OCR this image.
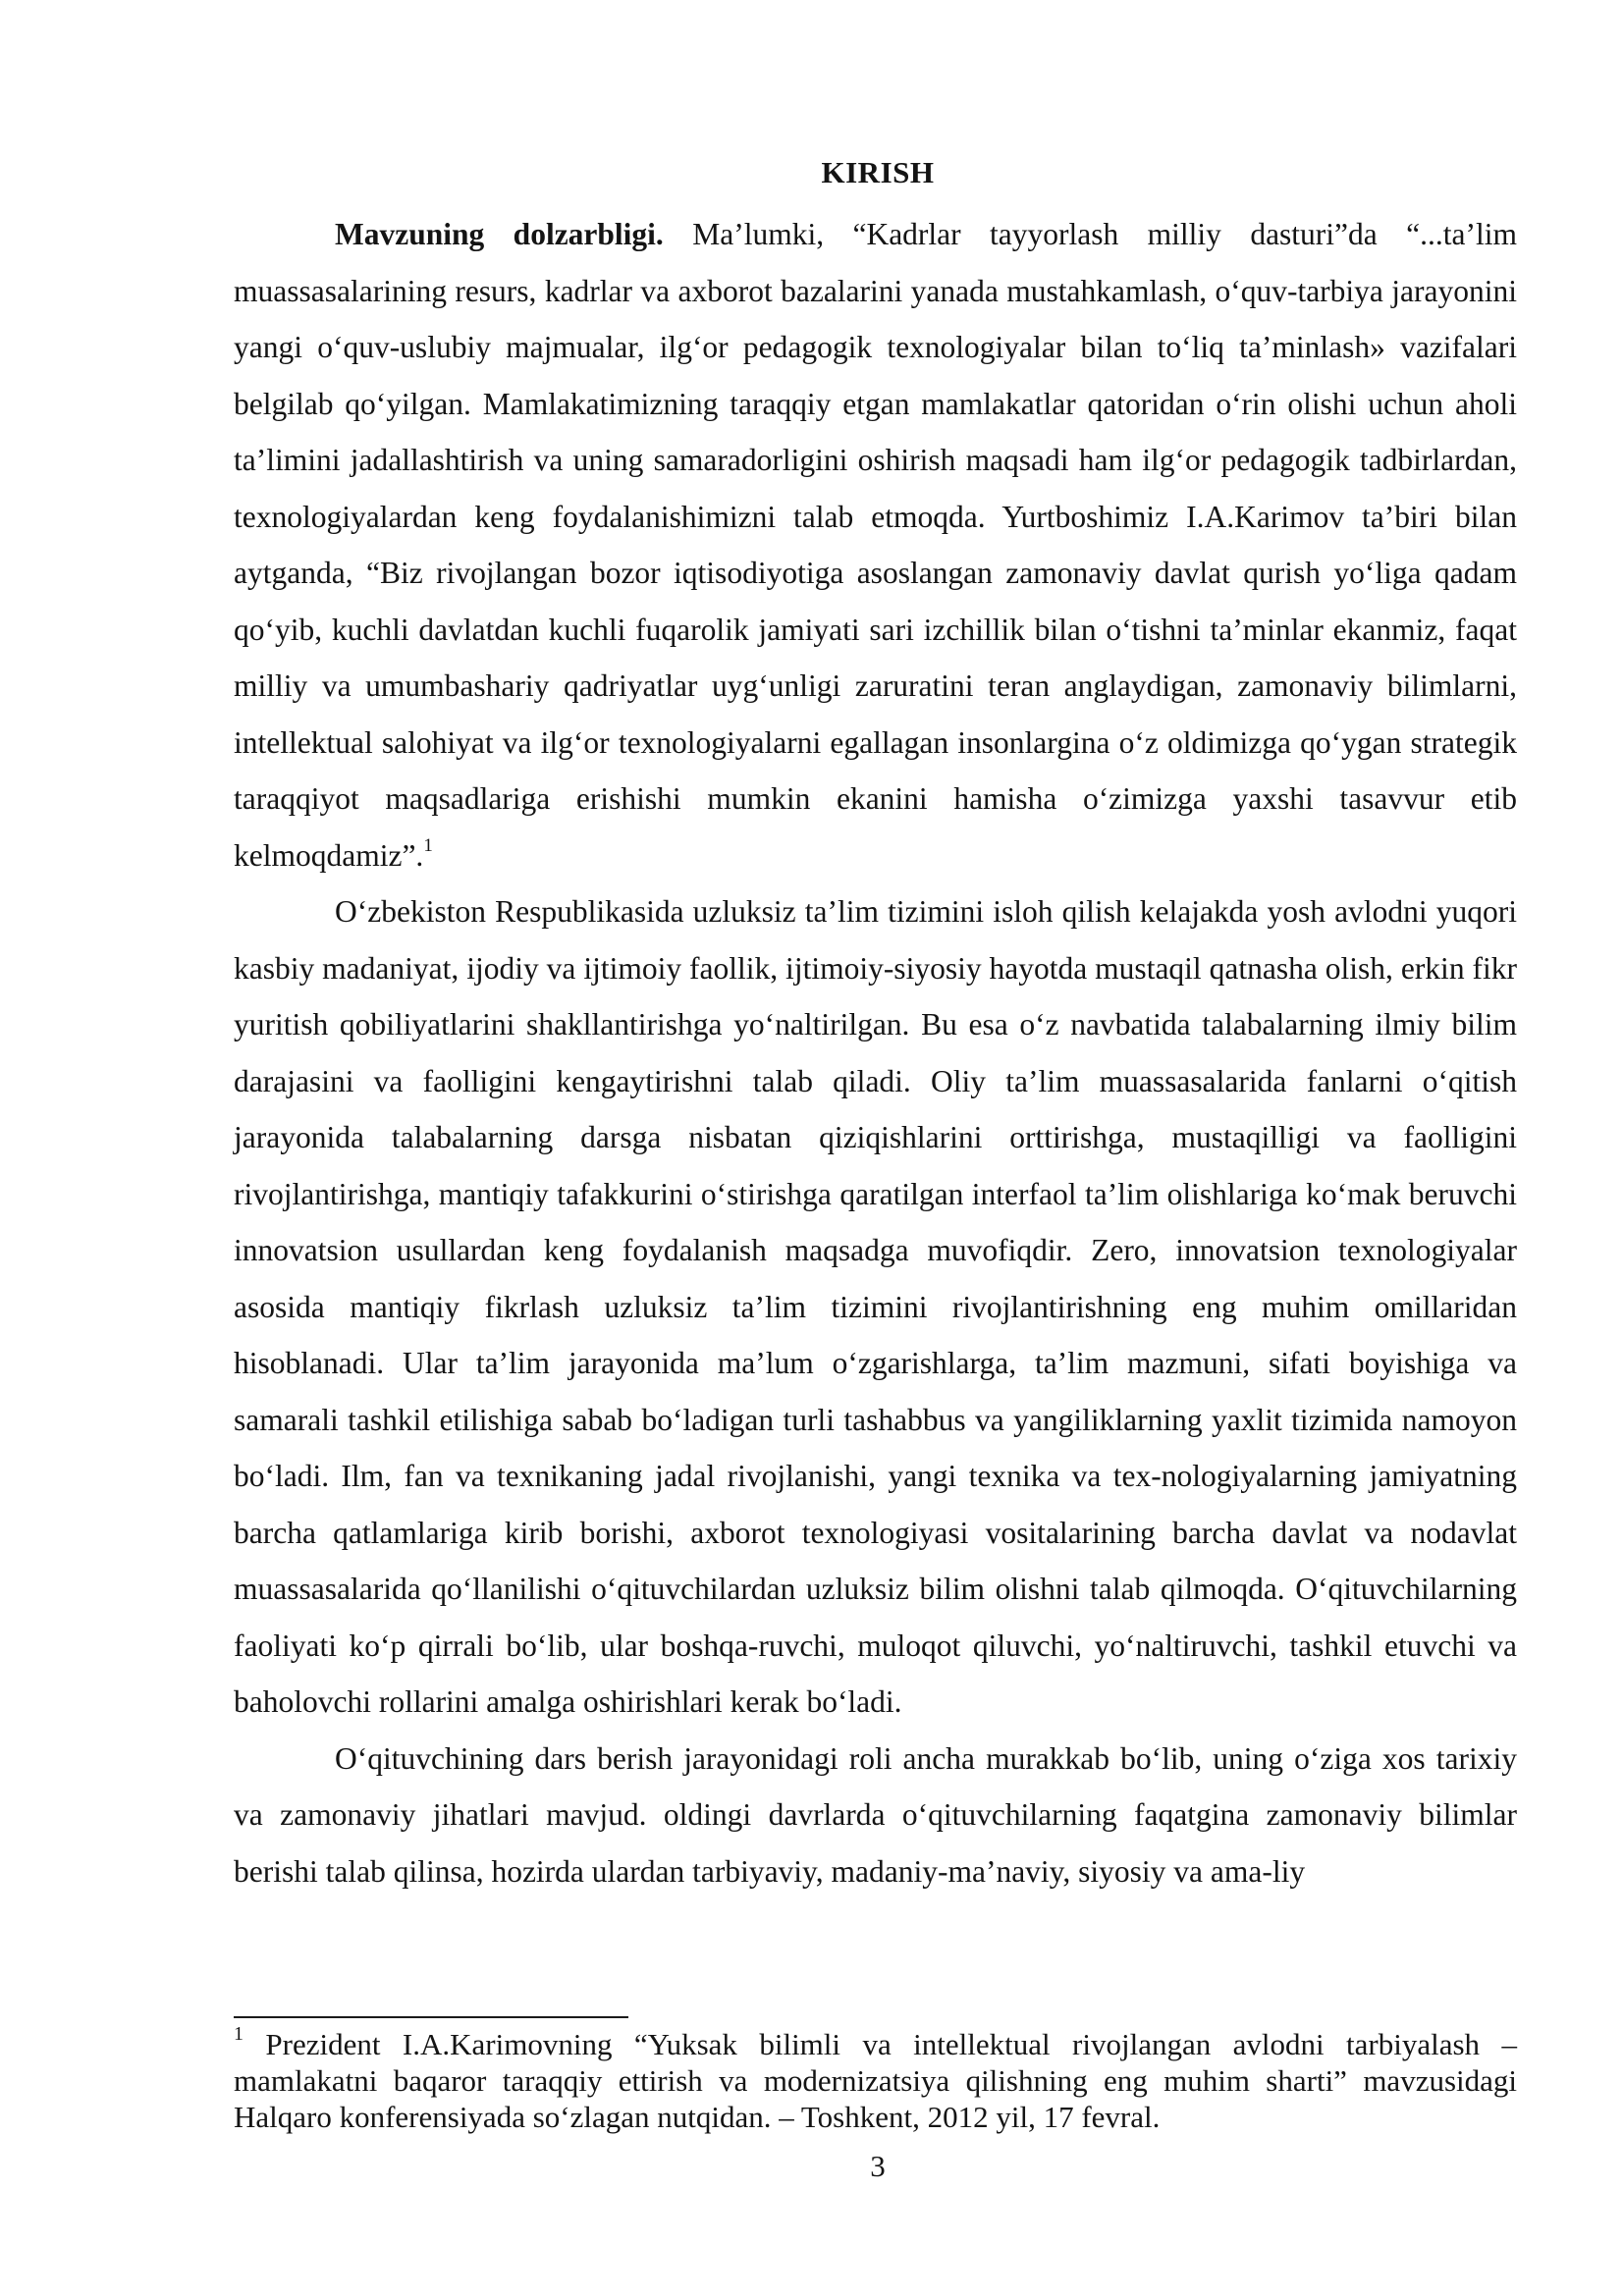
KIRISH

Mavzuning dolzarbligi. Ma’lumki, “Kadrlar tayyorlash milliy dasturi”da “...ta’lim muassasalarining resurs, kadrlar va axborot bazalarini yanada mustahkamlash, o‘quv-tarbiya jarayonini yangi o‘quv-uslubiy majmualar, ilg‘or pedagogik texnologiyalar bilan to‘liq ta’minlash» vazifalari belgilab qo‘yilgan. Mamlakatimizning taraqqiy etgan mamlakatlar qatoridan o‘rin olishi uchun aholi ta’limini jadallashtirish va uning samaradorligini oshirish maqsadi ham ilg‘or pedagogik tadbirlardan, texnologiyalardan keng foydalanishimizni talab etmoqda. Yurtboshimiz I.A.Karimov ta’biri bilan aytganda, “Biz rivojlangan bozor iqtisodiyotiga asoslangan zamonaviy davlat qurish yo‘liga qadam qo‘yib, kuchli davlatdan kuchli fuqarolik jamiyati sari izchillik bilan o‘tishni ta’minlar ekanmiz, faqat milliy va umumbashariy qadriyatlar uyg‘unligi zaruratini teran anglaydigan, zamonaviy bilimlarni, intellektual salohiyat va ilg‘or texnologiyalarni egallagan insonlargina o‘z oldimizga qo‘ygan strategik taraqqiyot maqsadlariga erishishi mumkin ekanini hamisha o‘zimizga yaxshi tasavvur etib kelmoqdamiz”.$^1$

O‘zbekiston Respublikasida uzluksiz ta’lim tizimini isloh qilish kelajakda yosh avlodni yuqori kasbiy madaniyat, ijodiy va ijtimoiy faollik, ijtimoiy-siyosiy hayotda mustaqil qatnasha olish, erkin fikr yuritish qobiliyatlarini shakllantirishga yo‘naltirilgan. Bu esa o‘z navbatida talabalarning ilmiy bilim darajasini va faolligini kengaytirishni talab qiladi. Oliy ta’lim muassasalarida fanlarni o‘qitish jarayonida talabalarning darsga nisbatan qiziqishlarini orttirishga, mustaqilligi va faolligini rivojlantirishga, mantiqiy tafakkurini o‘stirishga qaratilgan interfaol ta’lim olishlariga ko‘mak beruvchi innovatsion usullardan keng foydalanish maqsadga muvofiqdir. Zero, innovatsion texnologiyalar asosida mantiqiy fikrlash uzluksiz ta’lim tizimini rivojlantirishning eng muhim omillaridan hisoblanadi. Ular ta’lim jarayonida ma’lum o‘zgarishlarga, ta’lim mazmuni, sifati boyishiga va samarali tashkil etilishiga sabab bo‘ladigan turli tashabbus va yangiliklarning yaxlit tizimida namoyon bo‘ladi. Ilm, fan va texnikaning jadal rivojlanishi, yangi texnika va tex-nologiyalarning jamiyatning barcha qatlamlariga kirib borishi, axborot texnologiyasi vositalarining barcha davlat va nodavlat muassasalarida qo‘llanilishi o‘qituvchilardan uzluksiz bilim olishni talab qilmoqda. O‘qituvchilarning faoliyati ko‘p qirrali bo‘lib, ular boshqa-ruvchi, muloqot qiluvchi, yo‘naltiruvchi, tashkil etuvchi va baholovchi rollarini amalga oshirishlari kerak bo‘ladi.

O‘qituvchining dars berish jarayonidagi roli ancha murakkab bo‘lib, uning o‘ziga xos tarixiy va zamonaviy jihatlari mavjud. oldingi davrlarda o‘qituvchilarning faqatgina zamonaviy bilimlar berishi talab qilinsa, hozirda ulardan tarbiyaviy, madaniy-ma’naviy, siyosiy va ama-liy

$^1$ Prezident I.A.Karimovning “Yuksak bilimli va intellektual rivojlangan avlodni tarbiyalash – mamlakatni baqaror taraqqiy ettirish va modernizatsiya qilishning eng muhim sharti” mavzusidagi Halqaro konferensiyada so‘zlagan nutqidan. – Toshkent, 2012 yil, 17 fevral.
3
